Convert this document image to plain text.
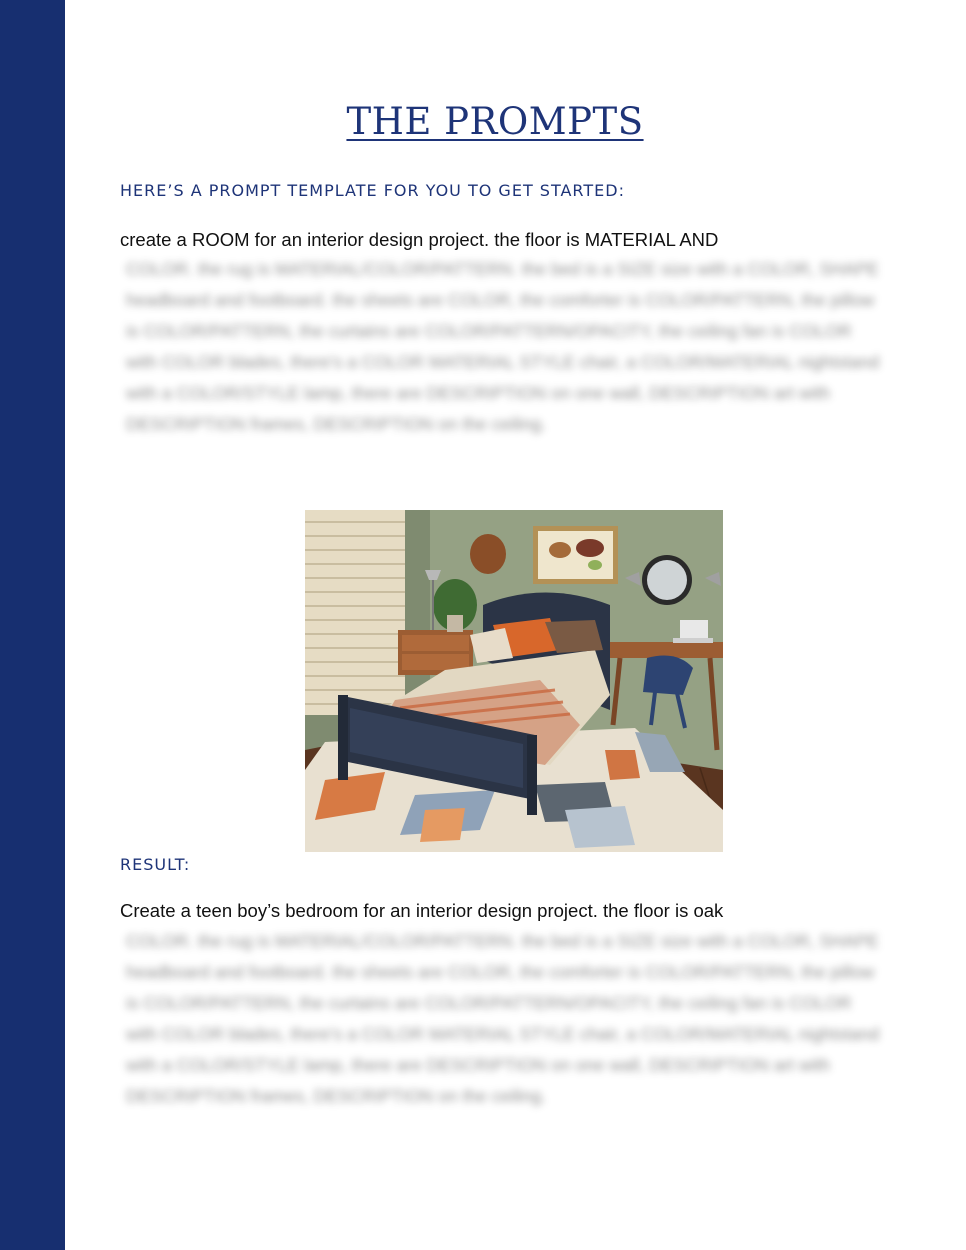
THE PROMPTS
HERE’S A PROMPT TEMPLATE FOR YOU TO GET STARTED:

create a ROOM for an interior design project. the floor is MATERIAL AND

COLOR. the rug is MATERIAL/COLOR/PATTERN. the bed is a SIZE size with a COLOR, SHAPE headboard and footboard. the sheets are COLOR, the comforter is COLOR/PATTERN, the pillow is COLOR/PATTERN, the curtains are COLOR/PATTERN/OPACITY, the ceiling fan is COLOR with COLOR blades, there's a COLOR MATERIAL STYLE chair, a COLOR/MATERIAL nightstand with a COLOR/STYLE lamp, there are DESCRIPTION on one wall, DESCRIPTION art with DESCRIPTION frames, DESCRIPTION on the ceiling.

RESULT:

Create a teen boy’s bedroom for an interior design project. the floor is oak

COLOR. the rug is MATERIAL/COLOR/PATTERN. the bed is a SIZE size with a COLOR, SHAPE headboard and footboard. the sheets are COLOR, the comforter is COLOR/PATTERN, the pillow is COLOR/PATTERN, the curtains are COLOR/PATTERN/OPACITY, the ceiling fan is COLOR with COLOR blades, there's a COLOR MATERIAL STYLE chair, a COLOR/MATERIAL nightstand with a COLOR/STYLE lamp, there are DESCRIPTION on one wall, DESCRIPTION art with DESCRIPTION frames, DESCRIPTION on the ceiling.
